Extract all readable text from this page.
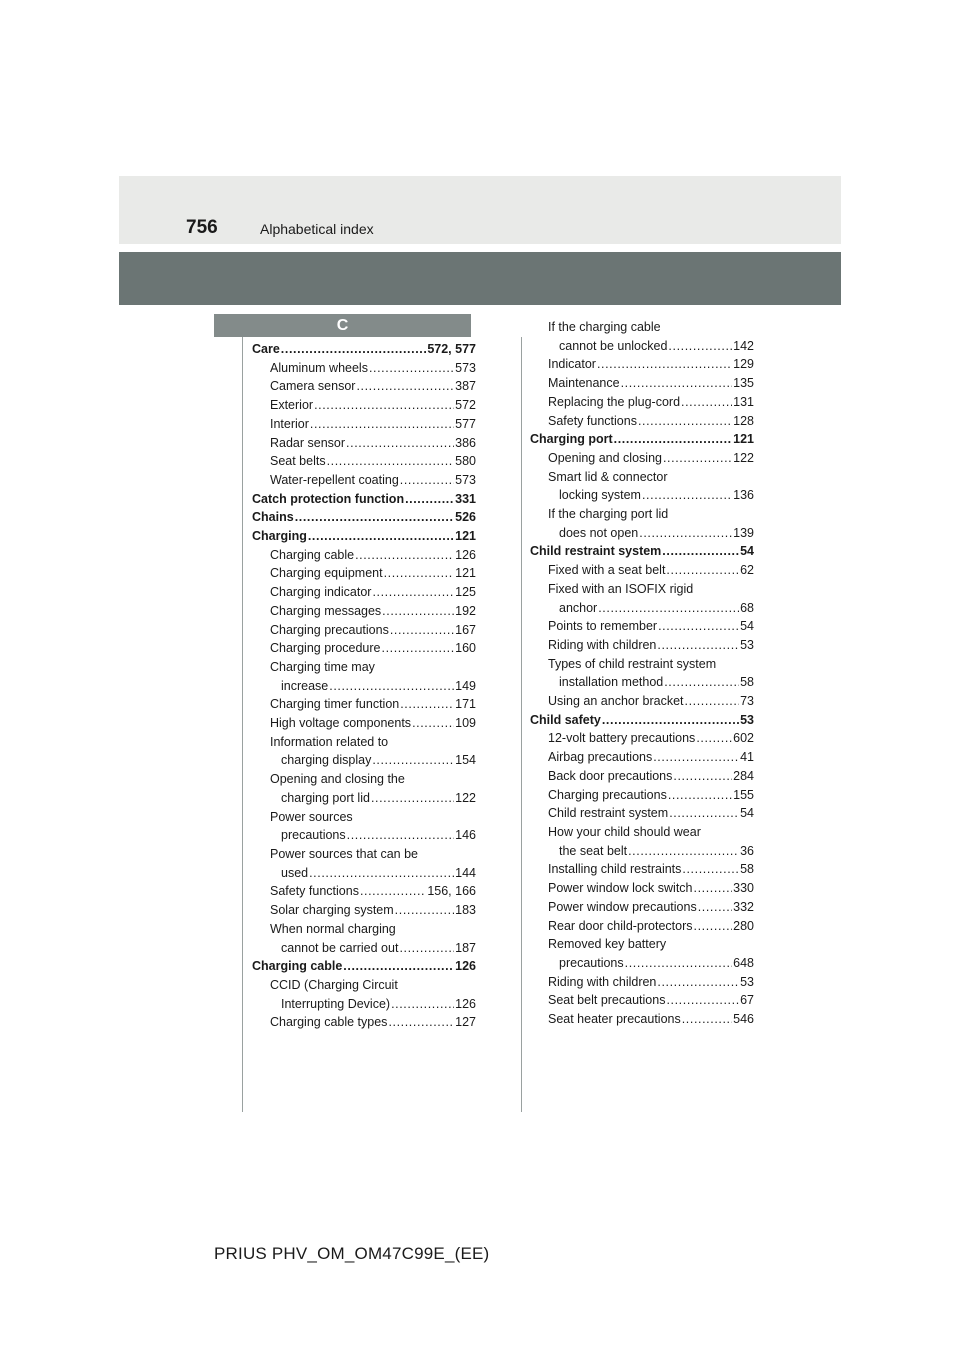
756	Alphabetical index
C
Care .....	572, 577
Aluminum wheels .....	573
Camera sensor .....	387
Exterior .....	572
Interior .....	577
Radar sensor .....	386
Seat belts .....	580
Water-repellent coating .....	573
Catch protection function .....	331
Chains .....	526
Charging .....	121
Charging cable .....	126
Charging equipment .....	121
Charging indicator .....	125
Charging messages .....	192
Charging precautions .....	167
Charging procedure .....	160
Charging time may
increase .....	149
Charging timer function .....	171
High voltage components .....	109
Information related to
charging display .....	154
Opening and closing the
charging port lid .....	122
Power sources
precautions .....	146
Power sources that can be
used .....	144
Safety functions .....	156, 166
Solar charging system .....	183
When normal charging
cannot be carried out .....	187
Charging cable .....	126
CCID (Charging Circuit
Interrupting Device) .....	126
Charging cable types .....	127
If the charging cable
cannot be unlocked .....	142
Indicator .....	129
Maintenance .....	135
Replacing the plug-cord .....	131
Safety functions .....	128
Charging port .....	121
Opening and closing .....	122
Smart lid & connector
locking system .....	136
If the charging port lid
does not open .....	139
Child restraint system .....	54
Fixed with a seat belt .....	62
Fixed with an ISOFIX rigid
anchor .....	68
Points to remember .....	54
Riding with children .....	53
Types of child restraint system
installation method .....	58
Using an anchor bracket .....	73
Child safety .....	53
12-volt battery precautions .....	602
Airbag precautions .....	41
Back door precautions .....	284
Charging precautions .....	155
Child restraint system .....	54
How your child should wear
the seat belt .....	36
Installing child restraints .....	58
Power window lock switch .....	330
Power window precautions .....	332
Rear door child-protectors .....	280
Removed key battery
precautions .....	648
Riding with children .....	53
Seat belt precautions .....	67
Seat heater precautions .....	546
PRIUS PHV_OM_OM47C99E_(EE)
